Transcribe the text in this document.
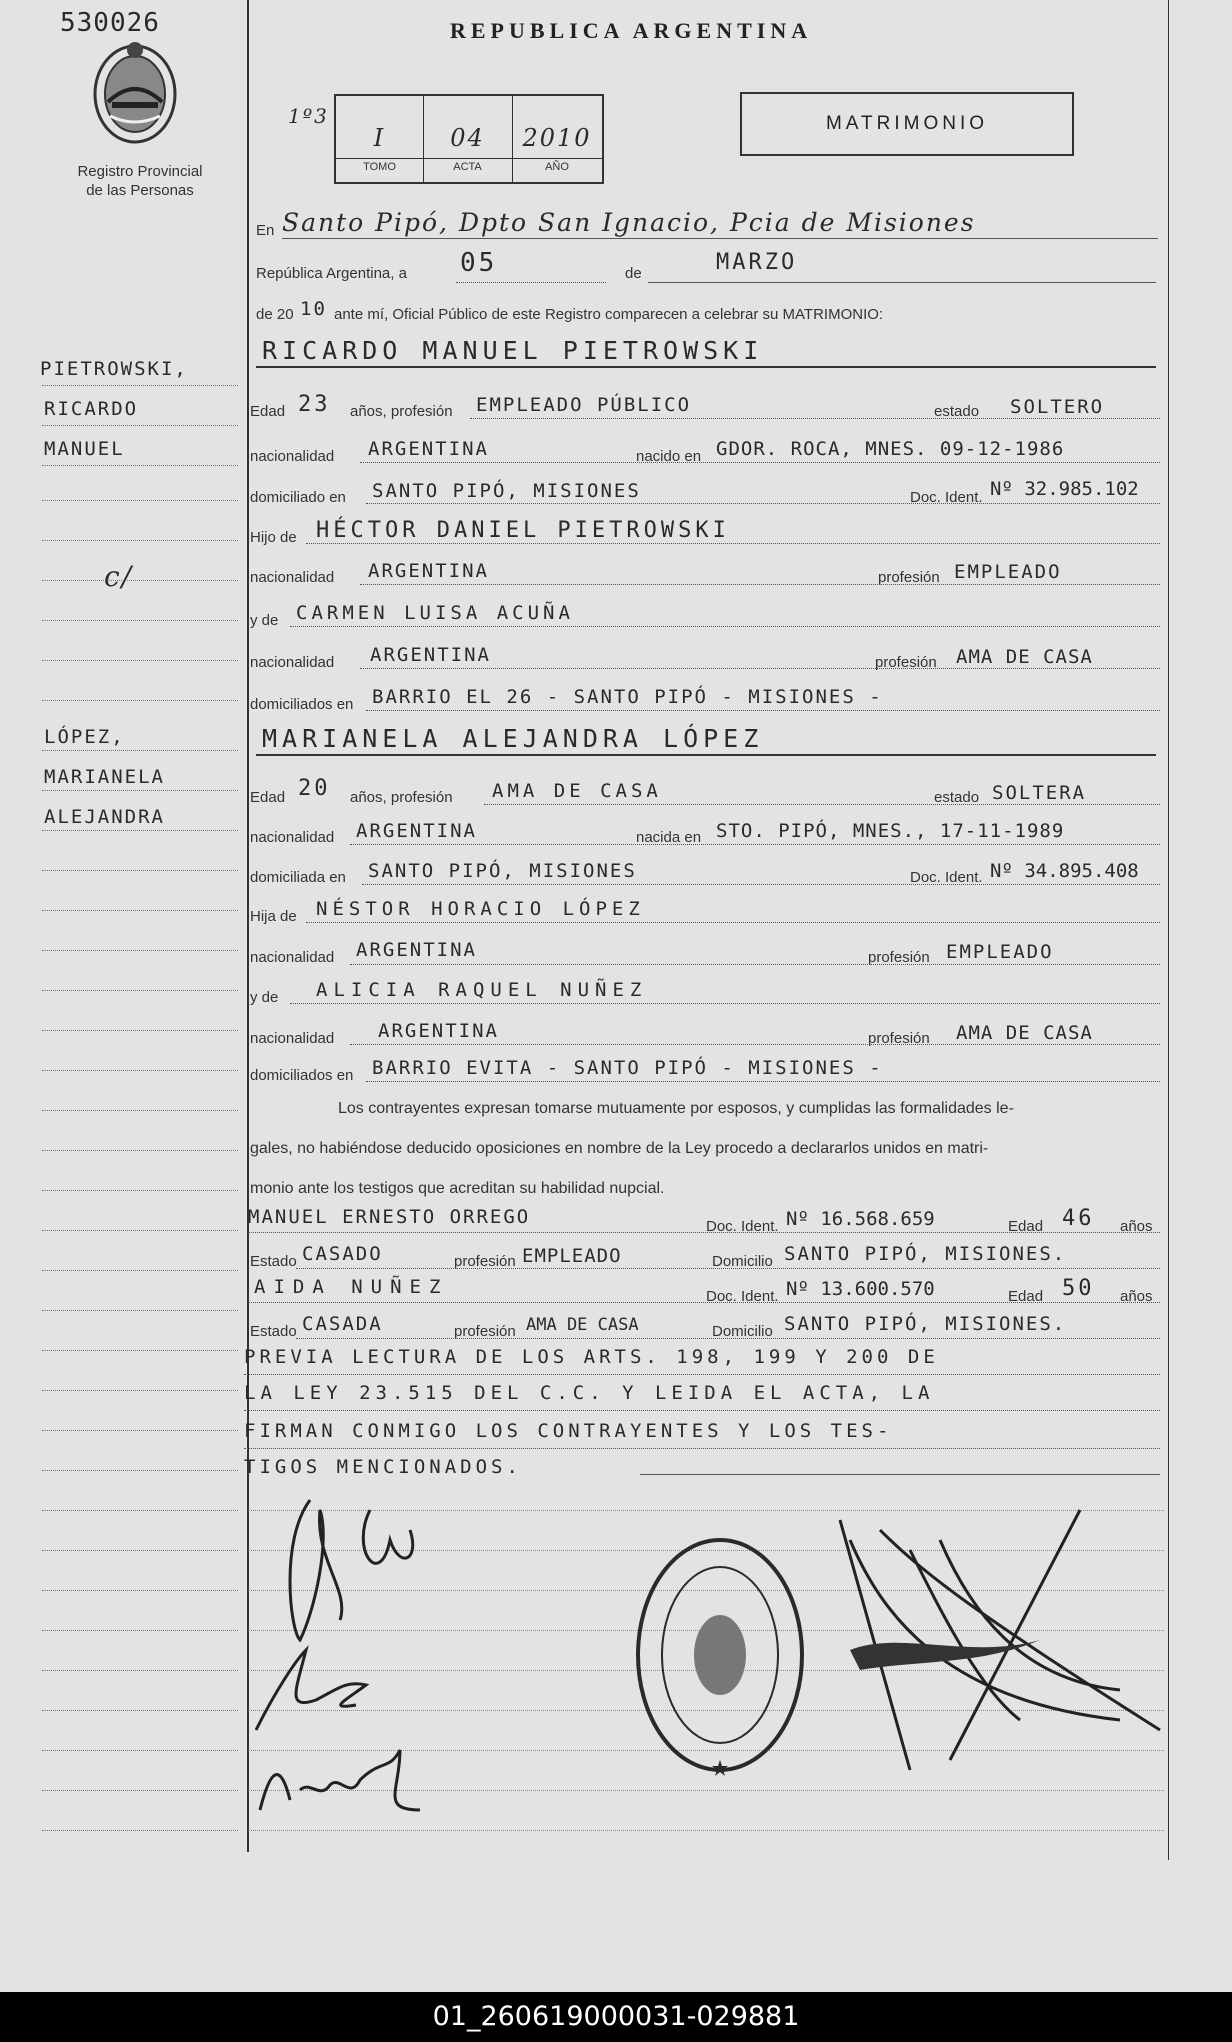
530026
Registro Provincial
de las Personas
REPUBLICA ARGENTINA
1º3
I	04	2010
TOMO	ACTA	AÑO
MATRIMONIO
En Santo Pipó, Dpto San Ignacio, Pcia de Misiones
República Argentina, a 05	de	MARZO
de 20 10 ante mí, Oficial Público de este Registro comparecen a celebrar su MATRIMONIO:
PIETROWSKI,
RICARDO
MANUEL
c/
LÓPEZ,
MARIANELA
ALEJANDRA
RICARDO MANUEL PIETROWSKI
Edad 23 años, profesión EMPLEADO PÚBLICO	estado SOLTERO
nacionalidad ARGENTINA	nacido en GDOR. ROCA, MNES. 09-12-1986
domiciliado en SANTO PIPÓ, MISIONES	Doc. Ident. Nº 32.985.102
Hijo de HÉCTOR DANIEL PIETROWSKI
nacionalidad ARGENTINA	profesión EMPLEADO
y de CARMEN LUISA ACUÑA
nacionalidad ARGENTINA	profesión AMA DE CASA
domiciliados en BARRIO EL 26 - SANTO PIPÓ - MISIONES -
MARIANELA ALEJANDRA LÓPEZ
Edad 20 años, profesión AMA DE CASA	estado SOLTERA
nacionalidad ARGENTINA	nacida en STO. PIPÓ, MNES., 17-11-1989
domiciliada en SANTO PIPÓ, MISIONES	Doc. Ident. Nº 34.895.408
Hija de NÉSTOR HORACIO LÓPEZ
nacionalidad ARGENTINA	profesión EMPLEADO
y de ALICIA RAQUEL NUÑEZ
nacionalidad ARGENTINA	profesión AMA DE CASA
domiciliados en BARRIO EVITA - SANTO PIPÓ - MISIONES -
Los contrayentes expresan tomarse mutuamente por esposos, y cumplidas las formalidades le-
gales, no habiéndose deducido oposiciones en nombre de la Ley procedo a declararlos unidos en matri-
monio ante los testigos que acreditan su habilidad nupcial.
MANUEL ERNESTO ORREGO	Doc. Ident. Nº 16.568.659	Edad 46 años
Estado CASADO	profesión EMPLEADO	Domicilio SANTO PIPÓ, MISIONES.
AIDA NUÑEZ	Doc. Ident. Nº 13.600.570	Edad 50 años
Estado CASADA	profesión AMA DE CASA	Domicilio SANTO PIPÓ, MISIONES.
PREVIA LECTURA DE LOS ARTS. 198, 199 Y 200 DE
LA LEY 23.515 DEL C.C. Y LEIDA EL ACTA, LA
FIRMAN CONMIGO LOS CONTRAYENTES Y LOS TES-
TIGOS MENCIONADOS.
01_260619000031-029881
